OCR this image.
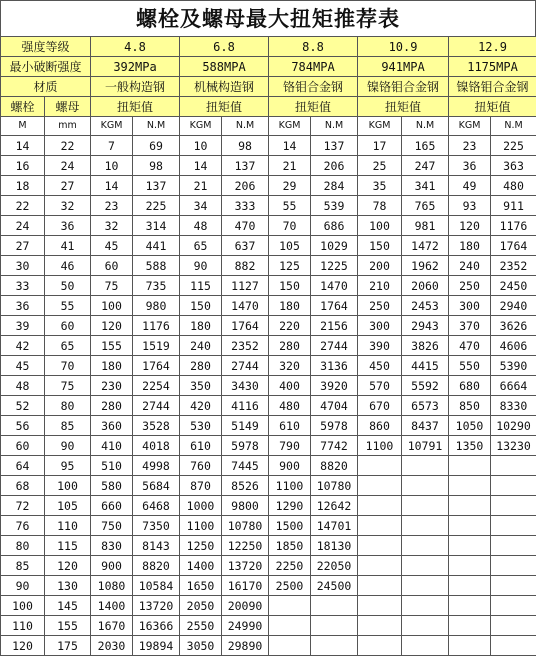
螺栓及螺母最大扭矩推荐表
强度等级		4.8		6.8		8.8		10.9		12.9	
最小破断强度		392MPa		588MPA		784MPA		941MPA		1175MPA	
材质		一般构造钢		机械构造钢		铬钼合金钢		镍铬钼合金钢		镍铬钼合金钢	
螺栓	螺母	扭矩值		扭矩值		扭矩值		扭矩值		扭矩值	
M	mm	KGM	N.M	KGM	N.M	KGM	N.M	KGM	N.M	KGM	N.M
14	22	7	69	10	98	14	137	17	165	23	225
16	24	10	98	14	137	21	206	25	247	36	363
18	27	14	137	21	206	29	284	35	341	49	480
22	32	23	225	34	333	55	539	78	765	93	911
24	36	32	314	48	470	70	686	100	981	120	1176
27	41	45	441	65	637	105	1029	150	1472	180	1764
30	46	60	588	90	882	125	1225	200	1962	240	2352
33	50	75	735	115	1127	150	1470	210	2060	250	2450
36	55	100	980	150	1470	180	1764	250	2453	300	2940
39	60	120	1176	180	1764	220	2156	300	2943	370	3626
42	65	155	1519	240	2352	280	2744	390	3826	470	4606
45	70	180	1764	280	2744	320	3136	450	4415	550	5390
48	75	230	2254	350	3430	400	3920	570	5592	680	6664
52	80	280	2744	420	4116	480	4704	670	6573	850	8330
56	85	360	3528	530	5149	610	5978	860	8437	1050	10290
60	90	410	4018	610	5978	790	7742	1100	10791	1350	13230
64	95	510	4998	760	7445	900	8820				
68	100	580	5684	870	8526	1100	10780				
72	105	660	6468	1000	9800	1290	12642				
76	110	750	7350	1100	10780	1500	14701				
80	115	830	8143	1250	12250	1850	18130				
85	120	900	8820	1400	13720	2250	22050				
90	130	1080	10584	1650	16170	2500	24500				
100	145	1400	13720	2050	20090						
110	155	1670	16366	2550	24990						
120	175	2030	19894	3050	29890						
